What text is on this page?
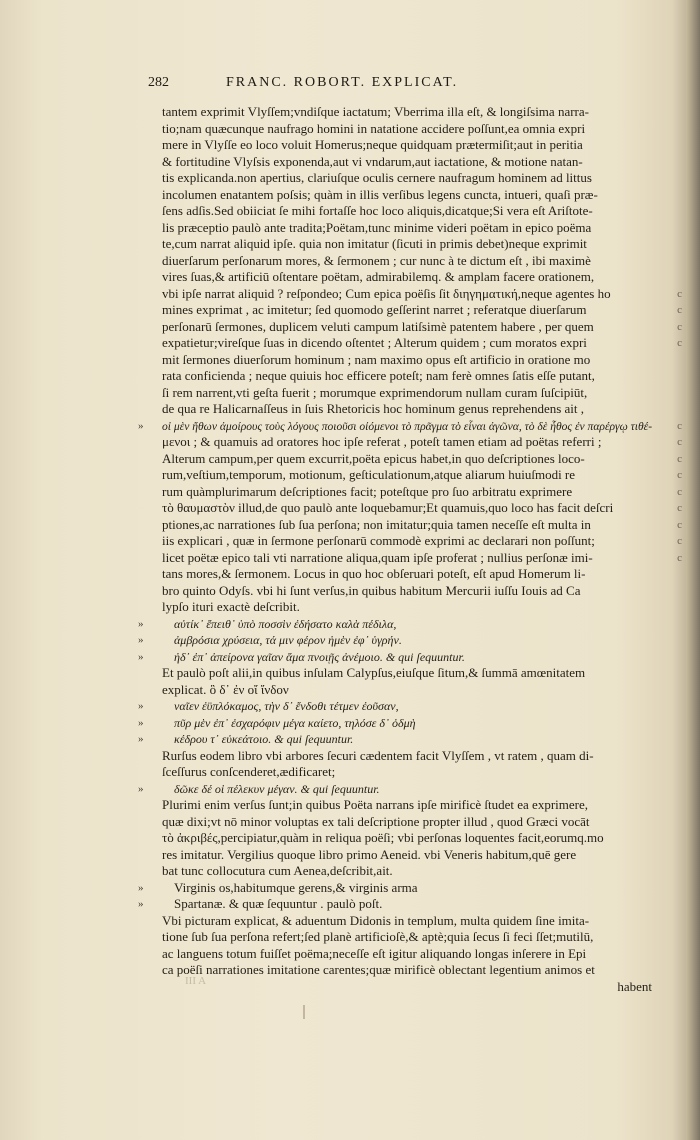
282	FRANC. ROBORT. EXPLICAT.
tantem exprimit Vlyſſem;vndiſque iactatum; Vberrima illa eſt, & longiſsima narra-
tio;nam quæcunque naufrago homini in natatione accidere poſſunt,ea omnia expri
mere in Vlyſſe eo loco voluit Homerus;neque quidquam prætermiſit;aut in peritia
& fortitudine Vlyſsis exponenda,aut vi vndarum,aut iactatione, & motione natan-
tis explicanda.non apertius, clariuſque oculis cernere naufragum hominem ad littus
incolumen enatantem poſsis; quàm in illis verſibus legens cuncta, intueri, quaſi præ-
ſens adſis.Sed obiiciat ſe mihi fortaſſe hoc loco aliquis,dicatque;Si vera eſt Ariſtote-
lis præceptio paulò ante tradita;Poëtam,tunc minime videri poëtam in epico poëma
te,cum narrat aliquid ipſe. quia non imitatur (ſicuti in primis debet)neque exprimit
diuerſarum perſonarum mores, & ſermonem ; cur nunc à te dictum eſt , ibi maximè
vires ſuas,& artificiū oſtentare poëtam, admirabilemq. & amplam facere orationem,
vbi ipſe narrat aliquid ? reſpondeo; Cum epica poëſis ſit διηγηματική,neque agentes ho	c
mines exprimat , ac imitetur; ſed quomodo geſſerint narret ; referatque diuerſarum	c
perſonarū ſermones, duplicem veluti campum latiſsimè patentem habere , per quem	c
expatietur;vireſque ſuas in dicendo oſtentet ; Alterum quidem ; cum moratos expri	c
mit ſermones diuerſorum hominum ; nam maximo opus eſt artificio in oratione mo
rata conficienda ; neque quiuis hoc efficere poteſt; nam ferè omnes ſatis eſſe putant,
ſi rem narrent,vti geſta fuerit ; morumque exprimendorum nullam curam ſuſcipiūt,
de qua re Halicarnaſſeus in ſuis Rhetoricis hoc hominum genus reprehendens ait ,
» οἱ μὲν ἤθων ἀμοίρους τοὺς λόγους ποιοῦσι οἰόμενοι τὸ πρᾶγμα τὸ εἶναι ἀγῶνα, τὸ δὲ ἦθος ἐν παρέργῳ τιθέ- c
μενοι ; & quamuis ad oratores hoc ipſe referat , poteſt tamen etiam ad poëtas referri ;	c
Alterum campum,per quem excurrit,poëta epicus habet,in quo deſcriptiones loco-	c
rum,veſtium,temporum, motionum, geſticulationum,atque aliarum huiuſmodi re	c
rum quàmplurimarum deſcriptiones facit; poteſtque pro ſuo arbitratu exprimere	c
τὸ θαυμαστὸν illud,de quo paulò ante loquebamur;Et quamuis,quo loco has facit deſcri	c
ptiones,ac narrationes ſub ſua perſona; non imitatur;quia tamen neceſſe eſt multa in	c
iis explicari , quæ in ſermone perſonarū commodè exprimi ac declarari non poſſunt;	c
licet poëtæ epico tali vti narratione aliqua,quam ipſe proferat ; nullius perſonæ imi-	c
tans mores,& ſermonem. Locus in quo hoc obſeruari poteſt, eſt apud Homerum li-
bro quinto Odyſs. vbi hi ſunt verſus,in quibus habitum Mercurii iuſſu Iouis ad Ca
lypſo ituri exactè deſcribit.
»	αὐτίκ᾽ ἔπειθ᾽ ὑπὸ ποσσὶν ἐδήσατο καλὰ πέδιλα,
»	ἀμβρόσια χρύσεια, τά μιν φέρον ἠμὲν ἐφ᾽ ὑγρήν.
»	ἠδ᾽ ἐπ᾽ ἀπείρονα γαῖαν ἅμα πνοιῇς ἀνέμοιο. & qui ſequuntur.
Et paulò poſt alii,in quibus inſulam Calypſus,eiuſque ſitum,& ſummā amœnitatem
explicat. ὃ δ᾽ ἐν οἴ ἴνδον
»	ναῖεν ἐϋπλόκαμος, τὴν δ᾽ ἔνδοθι τέτμεν ἐοῦσαν,
»	πῦρ μὲν ἐπ᾽ ἐσχαρόφιν μέγα καίετο, τηλόσε δ᾽ ὀδμὴ
»	κέδρου τ᾽ εὐκεάτοιο. & qui ſequuntur.
Rurſus eodem libro vbi arbores ſecuri cædentem facit Vlyſſem , vt ratem , quam di-
ſceſſurus conſcenderet,ædificaret;
»	δῶκε δέ οἱ πέλεκυν μέγαν. & qui ſequuntur.
Plurimi enim verſus ſunt;in quibus Poëta narrans ipſe mirificè ſtudet ea exprimere,
quæ dixi;vt nō minor voluptas ex tali deſcriptione propter illud , quod Græci vocāt
τὸ ἀκριβές,percipiatur,quàm in reliqua poëſi; vbi perſonas loquentes facit,eorumq.mo
res imitatur. Vergilius quoque libro primo Aeneid. vbi Veneris habitum,quē gere
bat tunc collocutura cum Aenea,deſcribit,ait.
» Virginis os,habitumque gerens,& virginis arma
» Spartanæ. & quæ ſequuntur . paulò poſt.
Vbi picturam explicat, & aduentum Didonis in templum, multa quidem ſine imita-
tione ſub ſua perſona refert;ſed planè artificioſè,& aptè;quia ſecus ſi feci ſſet;mutilū,
ac languens totum fuiſſet poëma;neceſſe eſt igitur aliquando longas inſerere in Epi
ca poëſi narrationes imitatione carentes;quæ mirificè oblectant legentium animos et
habent
III A
